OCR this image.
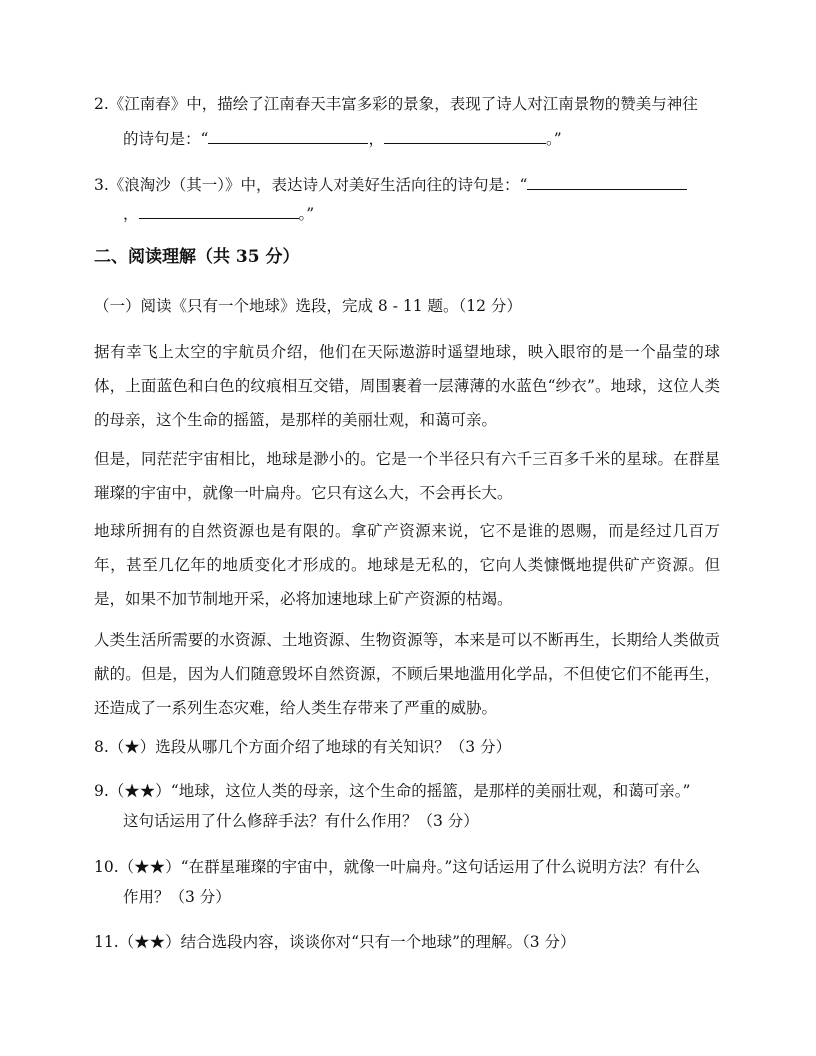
2.《江南春》中，描绘了江南春天丰富多彩的景象，表现了诗人对江南景物的赞美与神往
的诗句是：“	，	。”
3.《浪淘沙（其一）》中，表达诗人对美好生活向往的诗句是：“
，	。”
二、阅读理解（共 35 分）
（一）阅读《只有一个地球》选段，完成 8 - 11 题。（12 分）
据有幸飞上太空的宇航员介绍，他们在天际遨游时遥望地球，映入眼帘的是一个晶莹的球体，上面蓝色和白色的纹痕相互交错，周围裹着一层薄薄的水蓝色“纱衣”。地球，这位人类的母亲，这个生命的摇篮，是那样的美丽壮观，和蔼可亲。
但是，同茫茫宇宙相比，地球是渺小的。它是一个半径只有六千三百多千米的星球。在群星璀璨的宇宙中，就像一叶扁舟。它只有这么大，不会再长大。
地球所拥有的自然资源也是有限的。拿矿产资源来说，它不是谁的恩赐，而是经过几百万年，甚至几亿年的地质变化才形成的。地球是无私的，它向人类慷慨地提供矿产资源。但是，如果不加节制地开采，必将加速地球上矿产资源的枯竭。
人类生活所需要的水资源、土地资源、生物资源等，本来是可以不断再生，长期给人类做贡献的。但是，因为人们随意毁坏自然资源，不顾后果地滥用化学品，不但使它们不能再生，还造成了一系列生态灾难，给人类生存带来了严重的威胁。
8.（★）选段从哪几个方面介绍了地球的有关知识？（3 分）
9.（★★）“地球，这位人类的母亲，这个生命的摇篮，是那样的美丽壮观，和蔼可亲。”
这句话运用了什么修辞手法？有什么作用？（3 分）
10.（★★）“在群星璀璨的宇宙中，就像一叶扁舟。”这句话运用了什么说明方法？有什么
作用？（3 分）
11.（★★）结合选段内容，谈谈你对“只有一个地球”的理解。（3 分）
